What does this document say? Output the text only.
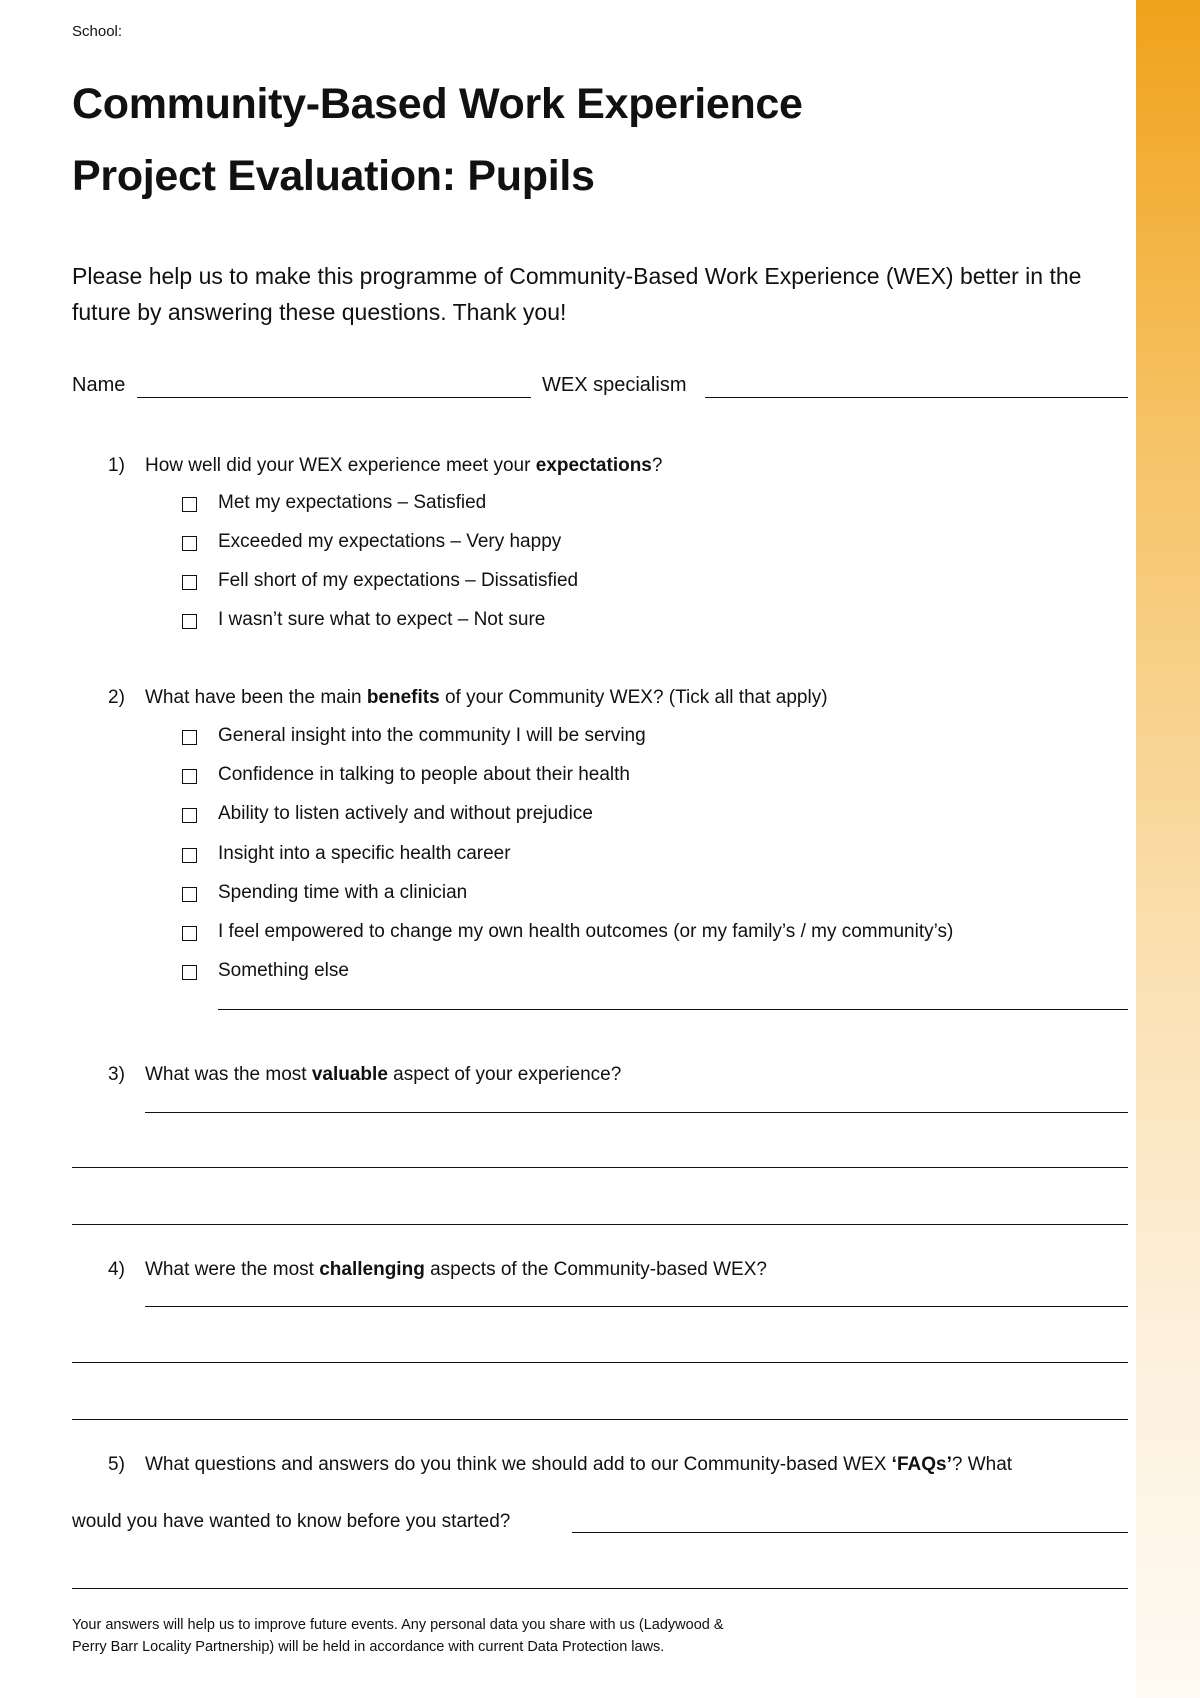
School:
Community-Based Work Experience
Project Evaluation: Pupils
Please help us to make this programme of Community-Based Work Experience (WEX) better in the future by answering these questions. Thank you!
Name	WEX specialism
1) How well did your WEX experience meet your expectations?
Met my expectations – Satisfied
Exceeded my expectations – Very happy
Fell short of my expectations – Dissatisfied
I wasn’t sure what to expect – Not sure
2) What have been the main benefits of your Community WEX? (Tick all that apply)
General insight into the community I will be serving
Confidence in talking to people about their health
Ability to listen actively and without prejudice
Insight into a specific health career
Spending time with a clinician
I feel empowered to change my own health outcomes (or my family’s / my community’s)
Something else
3) What was the most valuable aspect of your experience?
4) What were the most challenging aspects of the Community-based WEX?
5) What questions and answers do you think we should add to our Community-based WEX ‘FAQs’? What
would you have wanted to know before you started?
Your answers will help us to improve future events. Any personal data you share with us (Ladywood &
Perry Barr Locality Partnership) will be held in accordance with current Data Protection laws.
